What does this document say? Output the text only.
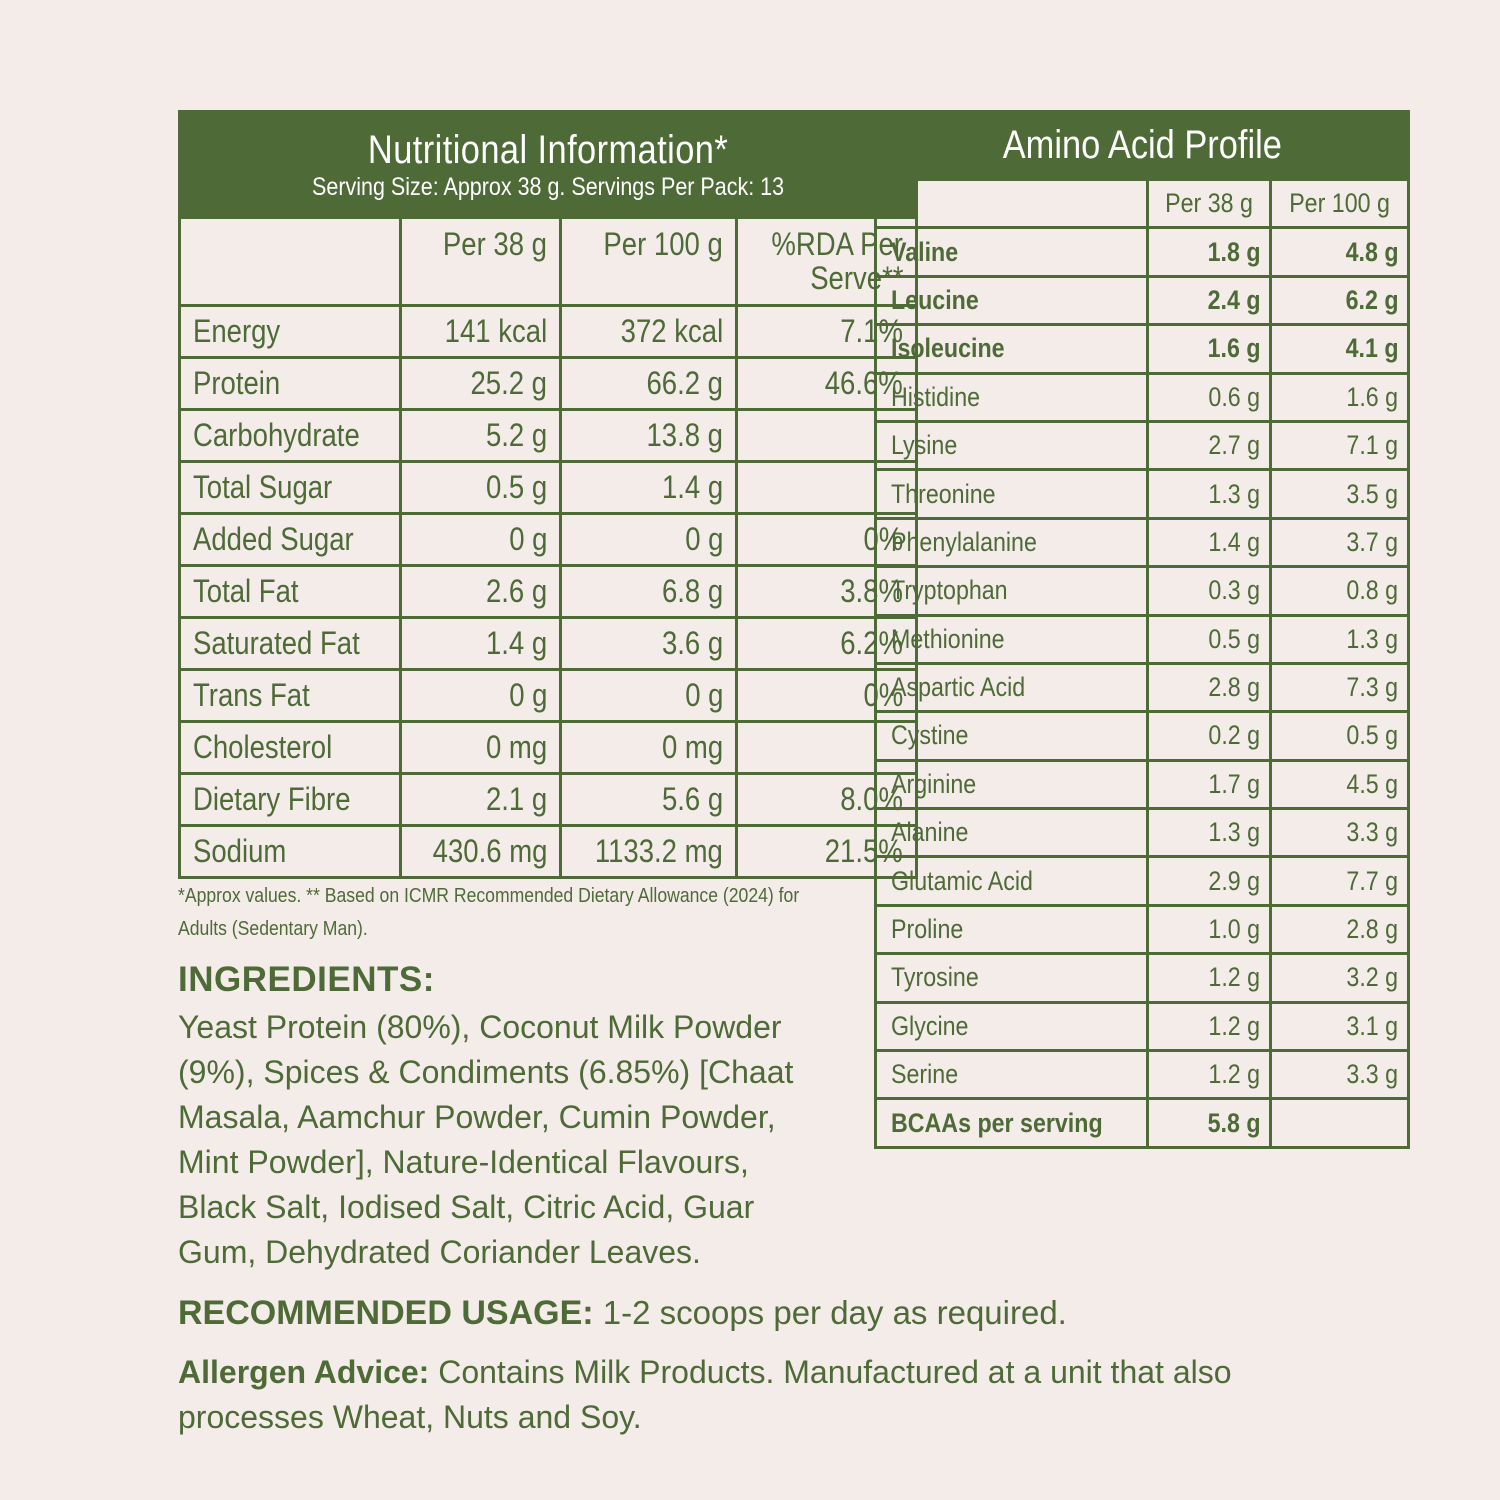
Nutritional Information*
Serving Size: Approx 38 g. Servings Per Pack: 13			

	Per 38 g	Per 100 g	%RDA Per
Serve**
Energy	141 kcal	372 kcal	7.1%
Protein	25.2 g	66.2 g	46.6%
Carbohydrate	5.2 g	13.8 g	
Total Sugar	0.5 g	1.4 g	
Added Sugar	0 g	0 g	0%
Total Fat	2.6 g	6.8 g	3.8%
Saturated Fat	1.4 g	3.6 g	6.2%
Trans Fat	0 g	0 g	0%
Cholesterol	0 mg	0 mg	
Dietary Fibre	2.1 g	5.6 g	8.0%
Sodium	430.6 mg	1133.2 mg	21.5%
*Approx values. ** Based on ICMR Recommended Dietary Allowance (2024) for
Adults (Sedentary Man).
INGREDIENTS:
Yeast Protein (80%), Coconut Milk Powder
(9%), Spices & Condiments (6.85%) [Chaat
Masala, Aamchur Powder, Cumin Powder,
Mint Powder], Nature-Identical Flavours,
Black Salt, Iodised Salt, Citric Acid, Guar
Gum, Dehydrated Coriander Leaves.
RECOMMENDED USAGE: 1-2 scoops per day as required.
Allergen Advice: Contains Milk Products. Manufactured at a unit that also processes Wheat, Nuts and Soy.
Amino Acid Profile		
	Per 38 g	Per 100 g
Valine	1.8 g	4.8 g
Leucine	2.4 g	6.2 g
Isoleucine	1.6 g	4.1 g
Histidine	0.6 g	1.6 g
Lysine	2.7 g	7.1 g
Threonine	1.3 g	3.5 g
Phenylalanine	1.4 g	3.7 g
Tryptophan	0.3 g	0.8 g
Methionine	0.5 g	1.3 g
Aspartic Acid	2.8 g	7.3 g
Cystine	0.2 g	0.5 g
Arginine	1.7 g	4.5 g
Alanine	1.3 g	3.3 g
Glutamic Acid	2.9 g	7.7 g
Proline	1.0 g	2.8 g
Tyrosine	1.2 g	3.2 g
Glycine	1.2 g	3.1 g
Serine	1.2 g	3.3 g
BCAAs per serving	5.8 g	
